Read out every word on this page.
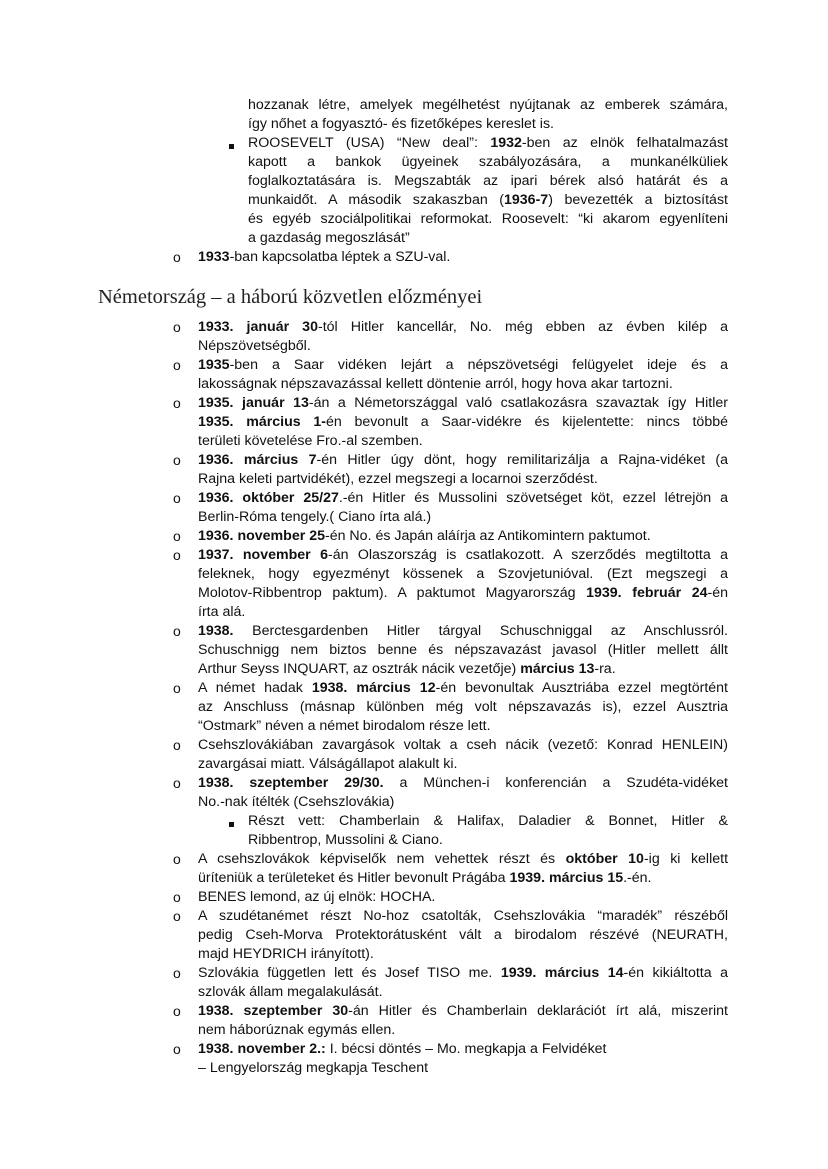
hozzanak létre, amelyek megélhetést nyújtanak az emberek számára,
így nőhet a fogyasztó- és fizetőképes kereslet is.
ROOSEVELT (USA) “New deal”: 1932-ben az elnök felhatalmazást
kapott a bankok ügyeinek szabályozására, a munkanélküliek
foglalkoztatására is. Megszabták az ipari bérek alsó határát és a
munkaidőt. A második szakaszban (1936-7) bevezették a biztosítást
és egyéb szociálpolitikai reformokat. Roosevelt: “ki akarom egyenlíteni
a gazdaság megoszlását”
o 1933-ban kapcsolatba léptek a SZU-val.
Németország – a háború közvetlen előzményei
o 1933. január 30-tól Hitler kancellár, No. még ebben az évben kilép a
Népszövetségből.
o 1935-ben a Saar vidéken lejárt a népszövetségi felügyelet ideje és a
lakosságnak népszavazással kellett döntenie arról, hogy hova akar tartozni.
o 1935. január 13-án a Németországgal való csatlakozásra szavaztak így Hitler
1935. március 1-én bevonult a Saar-vidékre és kijelentette: nincs többé
területi követelése Fro.-al szemben.
o 1936. március 7-én Hitler úgy dönt, hogy remilitarizálja a Rajna-vidéket (a
Rajna keleti partvidékét), ezzel megszegi a locarnoi szerződést.
o 1936. október 25/27.-én Hitler és Mussolini szövetséget köt, ezzel létrejön a
Berlin-Róma tengely.( Ciano írta alá.)
o 1936. november 25-én No. és Japán aláírja az Antikomintern paktumot.
o 1937. november 6-án Olaszország is csatlakozott. A szerződés megtiltotta a
feleknek, hogy egyezményt kössenek a Szovjetunióval. (Ezt megszegi a
Molotov-Ribbentrop paktum). A paktumot Magyarország 1939. február 24-én
írta alá.
o 1938. Berctesgardenben Hitler tárgyal Schuschniggal az Anschlussról.
Schuschnigg nem biztos benne és népszavazást javasol (Hitler mellett állt
Arthur Seyss INQUART, az osztrák nácik vezetője) március 13-ra.
o A német hadak 1938. március 12-én bevonultak Ausztriába ezzel megtörtént
az Anschluss (másnap különben még volt népszavazás is), ezzel Ausztria
“Ostmark” néven a német birodalom része lett.
o Csehszlovákiában zavargások voltak a cseh nácik (vezető: Konrad HENLEIN)
zavargásai miatt. Válságállapot alakult ki.
o 1938. szeptember 29/30. a München-i konferencián a Szudéta-vidéket
No.-nak ítélték (Csehszlovákia)
Részt vett: Chamberlain & Halifax, Daladier & Bonnet, Hitler &
Ribbentrop, Mussolini & Ciano.
o A csehszlovákok képviselők nem vehettek részt és október 10-ig ki kellett
üríteniük a területeket és Hitler bevonult Prágába 1939. március 15.-én.
o BENES lemond, az új elnök: HOCHA.
o A szudétanémet részt No-hoz csatolták, Csehszlovákia “maradék” részéből
pedig Cseh-Morva Protektorátusként vált a birodalom részévé (NEURATH,
majd HEYDRICH irányított).
o Szlovákia független lett és Josef TISO me. 1939. március 14-én kikiáltotta a
szlovák állam megalakulását.
o 1938. szeptember 30-án Hitler és Chamberlain deklarációt írt alá, miszerint
nem háborúznak egymás ellen.
o 1938. november 2.: I. bécsi döntés – Mo. megkapja a Felvidéket
– Lengyelország megkapja Teschent
